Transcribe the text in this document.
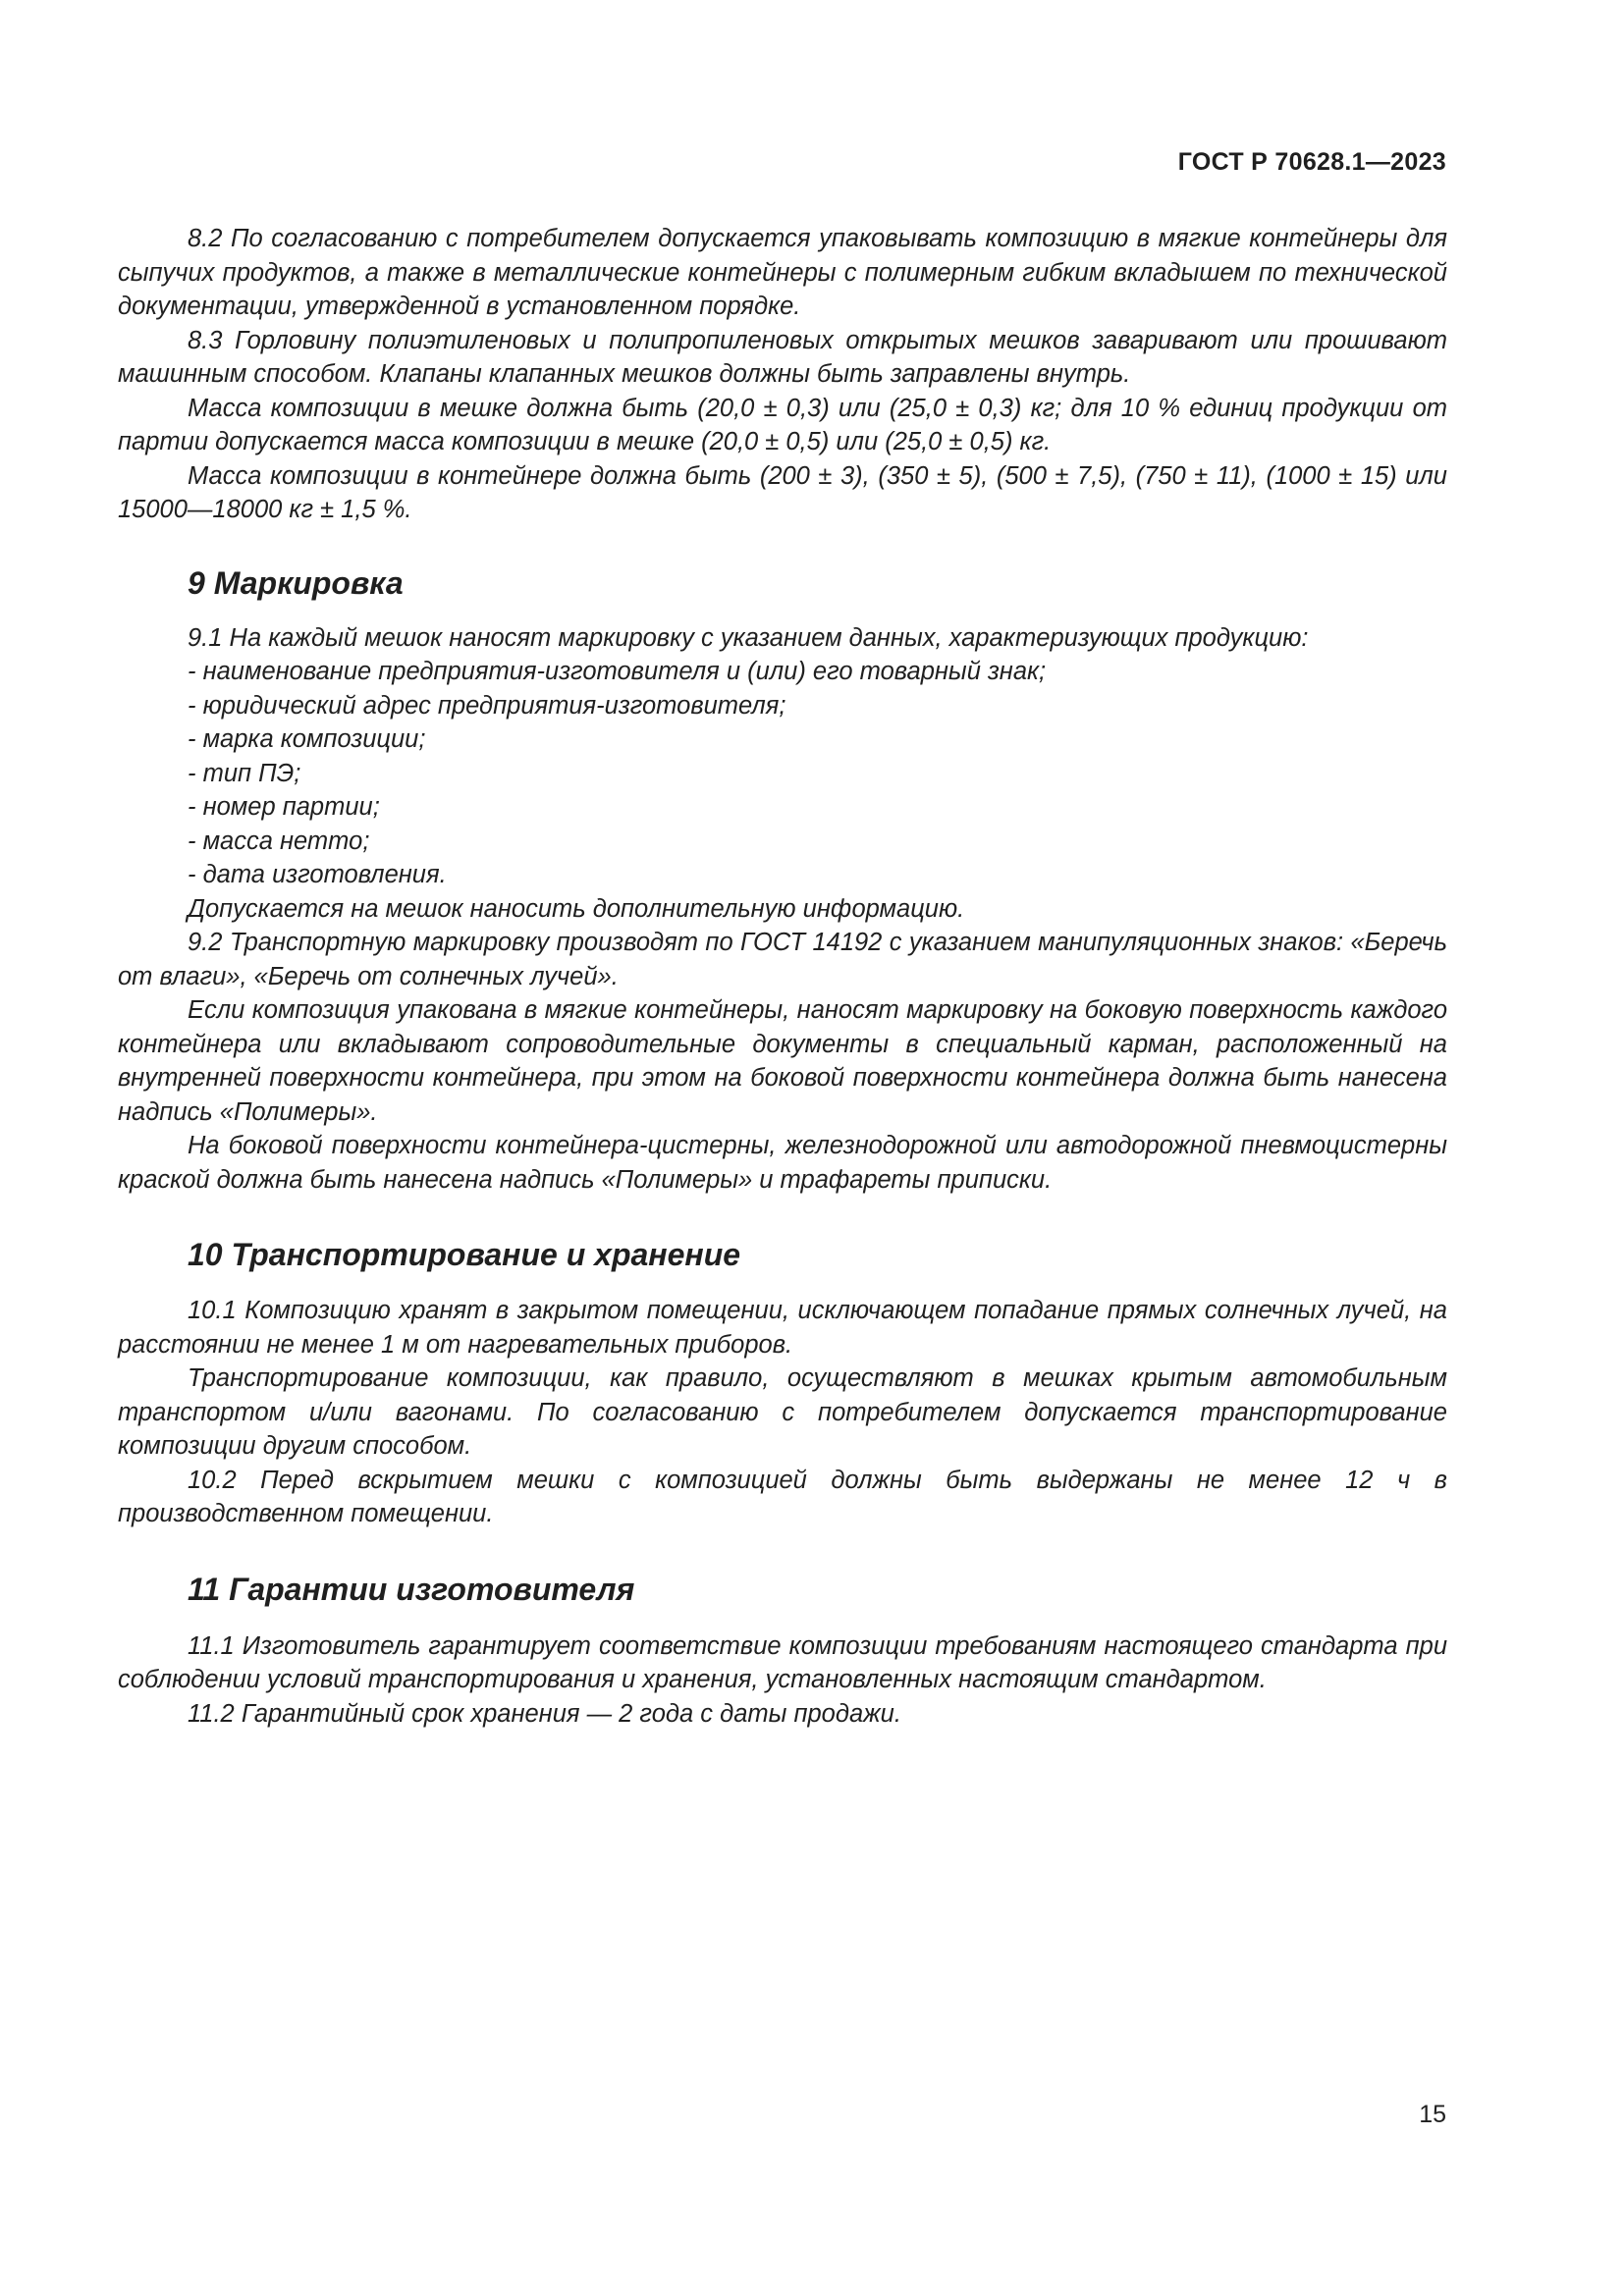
ГОСТ Р 70628.1—2023

8.2 По согласованию с потребителем допускается упаковывать композицию в мягкие контейнеры для сыпучих продуктов, а также в металлические контейнеры с полимерным гибким вкладышем по технической документации, утвержденной в установленном порядке.

8.3 Горловину полиэтиленовых и полипропиленовых открытых мешков заваривают или прошивают машинным способом. Клапаны клапанных мешков должны быть заправлены внутрь.

Масса композиции в мешке должна быть (20,0 ± 0,3) или (25,0 ± 0,3) кг; для 10 % единиц продукции от партии допускается масса композиции в мешке (20,0 ± 0,5) или (25,0 ± 0,5) кг.

Масса композиции в контейнере должна быть (200 ± 3), (350 ± 5), (500 ± 7,5), (750 ± 11), (1000 ± 15) или 15000—18000 кг ± 1,5 %.

9 Маркировка

9.1 На каждый мешок наносят маркировку с указанием данных, характеризующих продукцию:

- наименование предприятия-изготовителя и (или) его товарный знак;

- юридический адрес предприятия-изготовителя;

- марка композиции;

- тип ПЭ;

- номер партии;

- масса нетто;

- дата изготовления.

Допускается на мешок наносить дополнительную информацию.

9.2 Транспортную маркировку производят по ГОСТ 14192 с указанием манипуляционных знаков: «Беречь от влаги», «Беречь от солнечных лучей».

Если композиция упакована в мягкие контейнеры, наносят маркировку на боковую поверхность каждого контейнера или вкладывают сопроводительные документы в специальный карман, расположенный на внутренней поверхности контейнера, при этом на боковой поверхности контейнера должна быть нанесена надпись «Полимеры».

На боковой поверхности контейнера-цистерны, железнодорожной или автодорожной пневмоцистерны краской должна быть нанесена надпись «Полимеры» и трафареты приписки.

10 Транспортирование и хранение

10.1 Композицию хранят в закрытом помещении, исключающем попадание прямых солнечных лучей, на расстоянии не менее 1 м от нагревательных приборов.

Транспортирование композиции, как правило, осуществляют в мешках крытым автомобильным транспортом и/или вагонами. По согласованию с потребителем допускается транспортирование композиции другим способом.

10.2 Перед вскрытием мешки с композицией должны быть выдержаны не менее 12 ч в производственном помещении.

11 Гарантии изготовителя

11.1 Изготовитель гарантирует соответствие композиции требованиям настоящего стандарта при соблюдении условий транспортирования и хранения, установленных настоящим стандартом.

11.2 Гарантийный срок хранения — 2 года с даты продажи.

15
